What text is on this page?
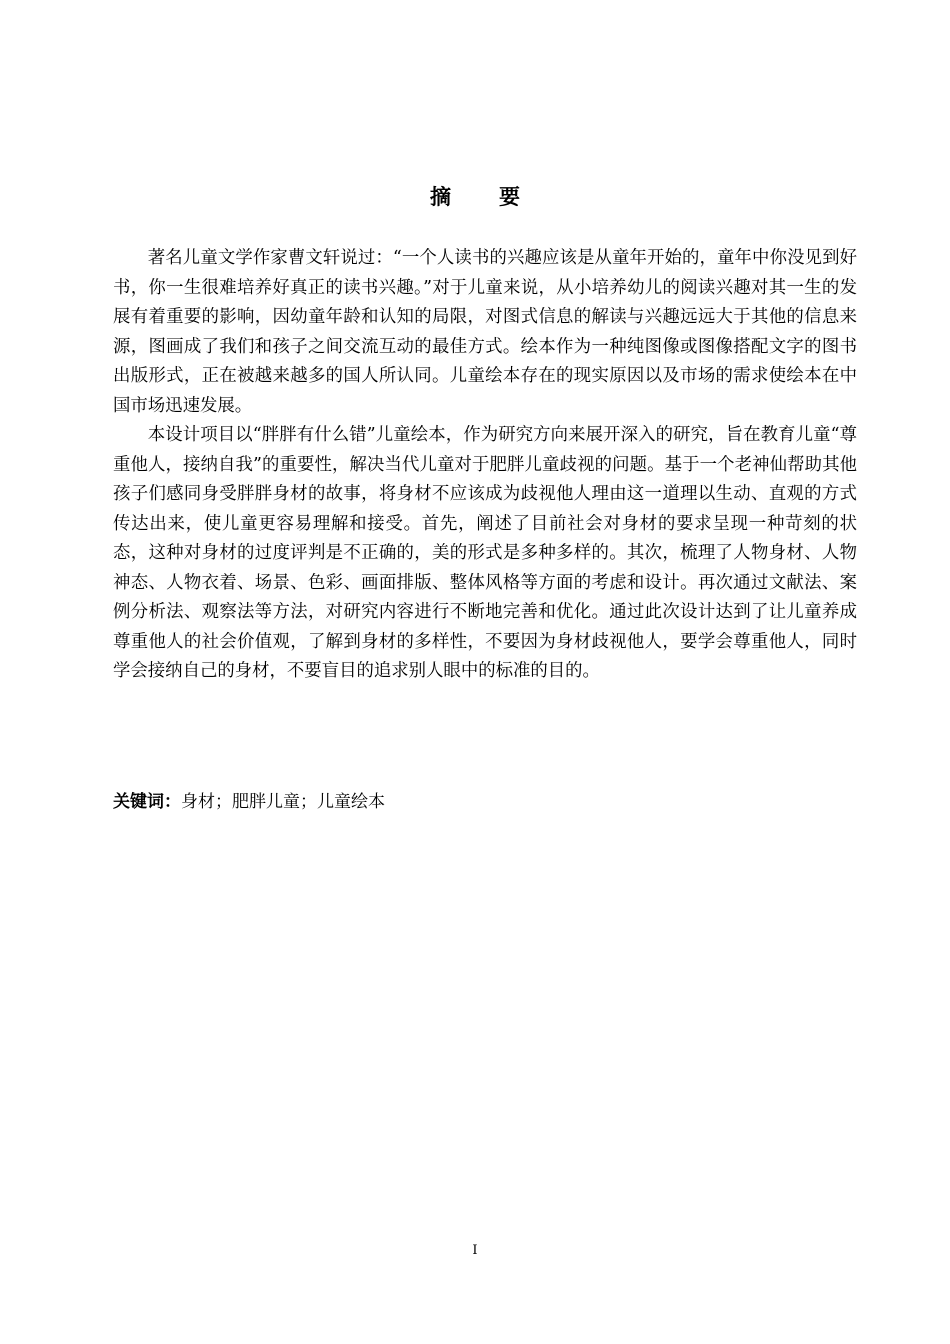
摘 要

著名儿童文学作家曹文轩说过：“一个人读书的兴趣应该是从童年开始的，童年中你没见到好书，你一生很难培养好真正的读书兴趣。”对于儿童来说，从小培养幼儿的阅读兴趣对其一生的发展有着重要的影响，因幼童年龄和认知的局限，对图式信息的解读与兴趣远远大于其他的信息来源，图画成了我们和孩子之间交流互动的最佳方式。绘本作为一种纯图像或图像搭配文字的图书出版形式，正在被越来越多的国人所认同。儿童绘本存在的现实原因以及市场的需求使绘本在中国市场迅速发展。

本设计项目以“胖胖有什么错”儿童绘本，作为研究方向来展开深入的研究，旨在教育儿童“尊重他人，接纳自我”的重要性，解决当代儿童对于肥胖儿童歧视的问题。基于一个老神仙帮助其他孩子们感同身受胖胖身材的故事，将身材不应该成为歧视他人理由这一道理以生动、直观的方式传达出来，使儿童更容易理解和接受。首先，阐述了目前社会对身材的要求呈现一种苛刻的状态，这种对身材的过度评判是不正确的，美的形式是多种多样的。其次，梳理了人物身材、人物神态、人物衣着、场景、色彩、画面排版、整体风格等方面的考虑和设计。再次通过文献法、案例分析法、观察法等方法，对研究内容进行不断地完善和优化。通过此次设计达到了让儿童养成尊重他人的社会价值观，了解到身材的多样性，不要因为身材歧视他人，要学会尊重他人，同时学会接纳自己的身材，不要盲目的追求别人眼中的标准的目的。

关键词：身材；肥胖儿童；儿童绘本
I
